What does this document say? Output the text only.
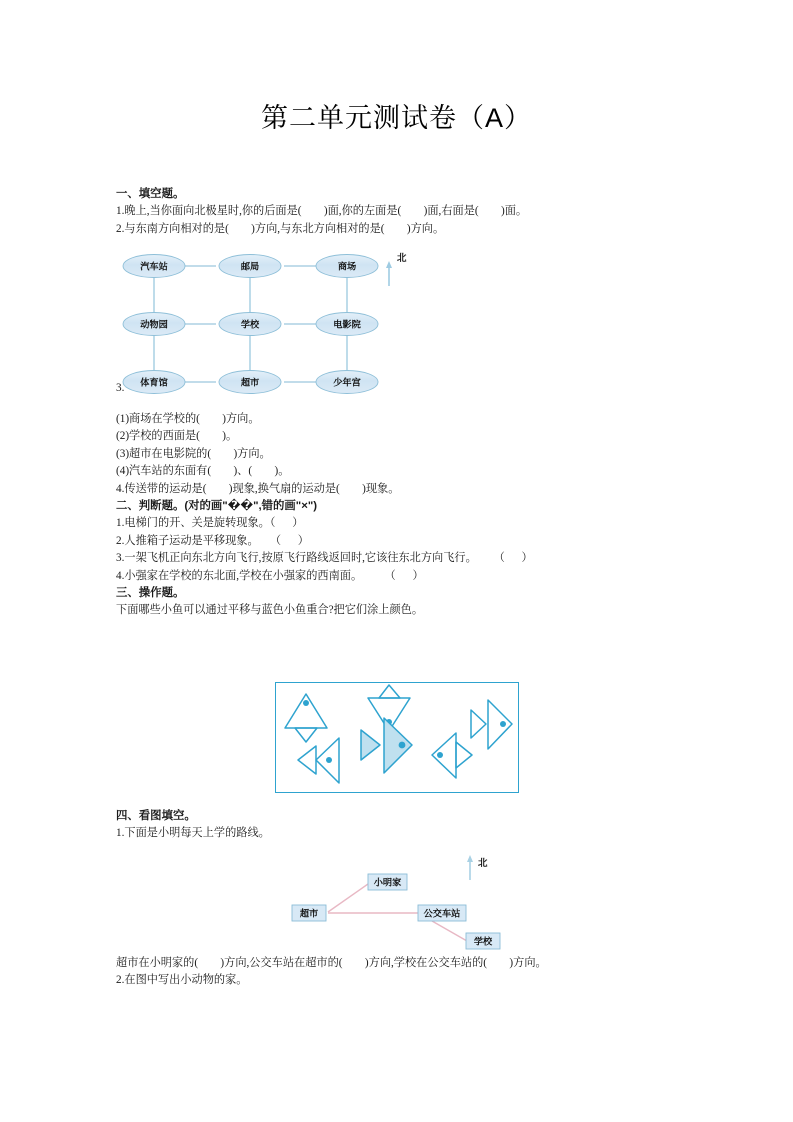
第二单元测试卷（A）
一、填空题。
1.晚上,当你面向北极星时,你的后面是(        )面,你的左面是(        )面,右面是(        )面。
2.与东南方向相对的是(        )方向,与东北方向相对的是(        )方向。
汽车站	邮局	商场
动物园	学校	电影院
体育馆	超市	少年宫
北
3.
(1)商场在学校的(        )方向。
(2)学校的西面是(        )。
(3)超市在电影院的(        )方向。
(4)汽车站的东面有(        )、(        )。
4.传送带的运动是(        )现象,换气扇的运动是(        )现象。
二、判断题。(对的画"��",错的画"×")
1.电梯门的开、关是旋转现象。（      ）
2.人推箱子运动是平移现象。    （      ）
3.一架飞机正向东北方向飞行,按原飞行路线返回时,它该往东北方向飞行。      （      ）
4.小强家在学校的东北面,学校在小强家的西南面。        （      ）
三、操作题。
下面哪些小鱼可以通过平移与蓝色小鱼重合?把它们涂上颜色。
四、看图填空。
1.下面是小明每天上学的路线。
小明家
超市	公交车站
学校
北
超市在小明家的(        )方向,公交车站在超市的(        )方向,学校在公交车站的(        )方向。
2.在图中写出小动物的家。
